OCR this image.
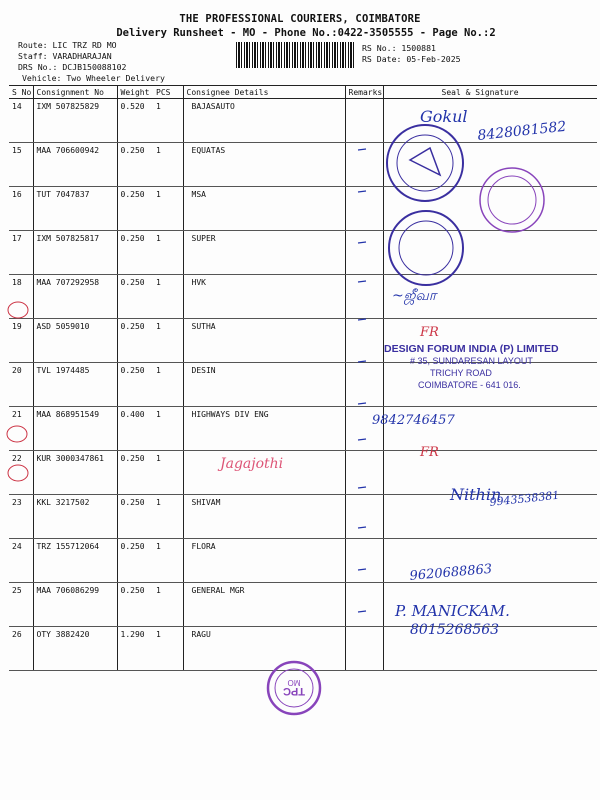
THE PROFESSIONAL COURIERS, COIMBATORE
Delivery Runsheet - MO - Phone No.:0422-3505555 - Page No.:2
Route: LIC TRZ RD MO
Staff: VARADHARAJAN
DRS No.: DCJB150088102
Vehicle: Two Wheeler Delivery
RS No.: 1500881
RS Date: 05-Feb-2025
S No	Consignment No	Weight	PCS	Consignee Details	Remarks	Seal & Signature
14	IXM 507825829	0.520	1	BAJASAUTO		
15	MAA 706600942	0.250	1	EQUATAS		
16	TUT 7047837	0.250	1	MSA		
17	IXM 507825817	0.250	1	SUPER		
18	MAA 707292958	0.250	1	HVK		
19	ASD 5059010	0.250	1	SUTHA		
20	TVL 1974485	0.250	1	DESIN		
21	MAA 868951549	0.400	1	HIGHWAYS DIV ENG		
22	KUR 3000347861	0.250	1			
23	KKL 3217502	0.250	1	SHIVAM		
24	TRZ 155712064	0.250	1	FLORA		
25	MAA 706086299	0.250	1	GENERAL MGR		
26	OTY 3882420	1.290	1	RAGU		
Gokul
8428081582
~ஜீவா
FR
Jagajothi
9842746457
FR
Nithin
9943538381
9620688863
P. MANICKAM.
8015268563
DESIGN FORUM INDIA (P) LIMITED
# 35, SUNDARESAN LAYOUT
TRICHY ROAD
COIMBATORE - 641 016.
TPC
MO
